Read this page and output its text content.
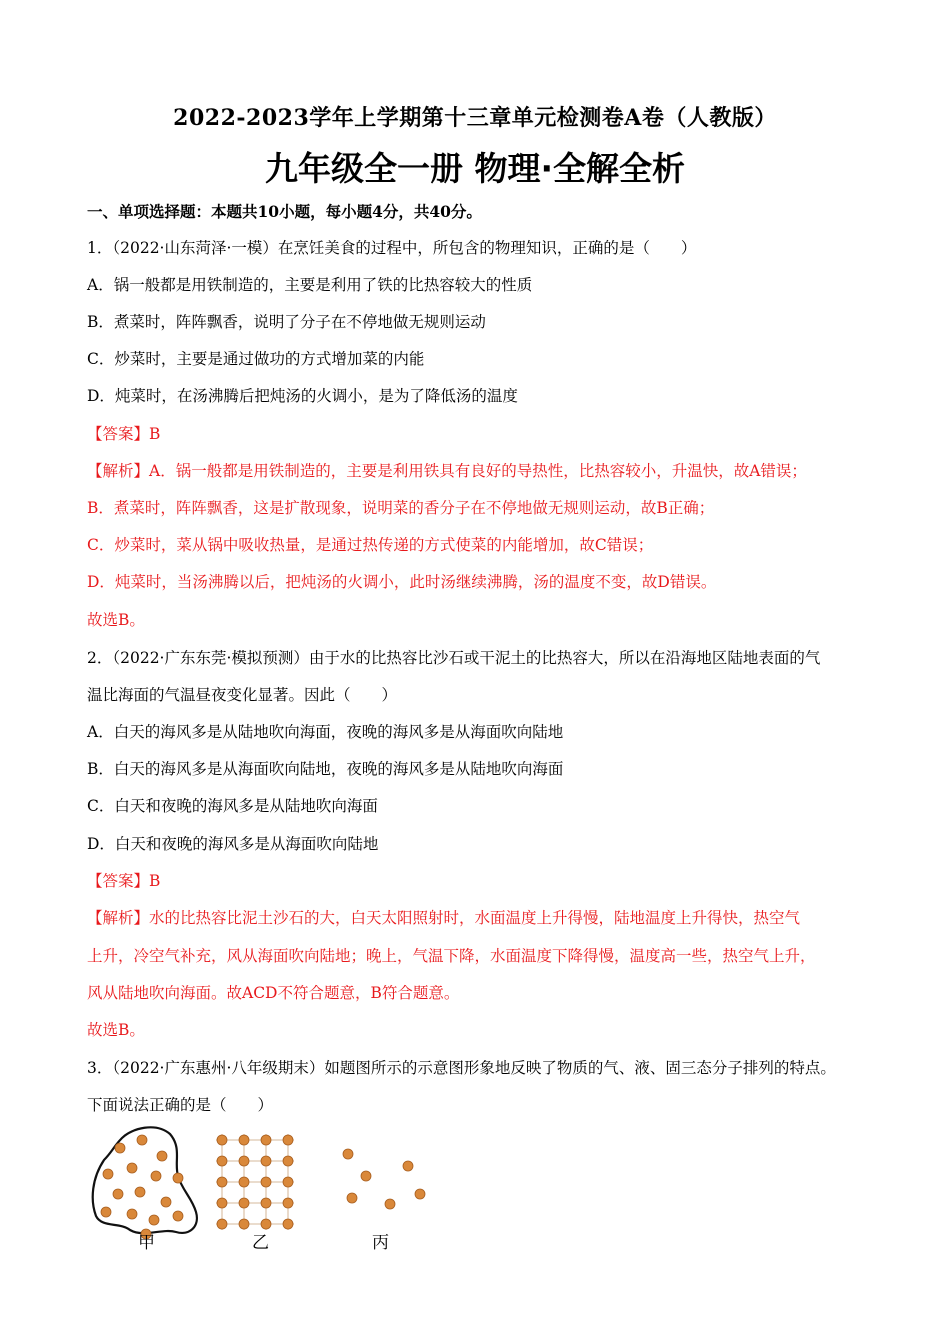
2022-2023学年上学期第十三章单元检测卷A卷（人教版）
九年级全一册 物理·全解全析
一、单项选择题：本题共10小题，每小题4分，共40分。
1．（2022·山东菏泽·一模）在烹饪美食的过程中，所包含的物理知识，正确的是（　　）
A．锅一般都是用铁制造的，主要是利用了铁的比热容较大的性质
B．煮菜时，阵阵飘香，说明了分子在不停地做无规则运动
C．炒菜时，主要是通过做功的方式增加菜的内能
D．炖菜时，在汤沸腾后把炖汤的火调小，是为了降低汤的温度
【答案】B
【解析】A．锅一般都是用铁制造的，主要是利用铁具有良好的导热性，比热容较小，升温快，故A错误；
B．煮菜时，阵阵飘香，这是扩散现象，说明菜的香分子在不停地做无规则运动，故B正确；
C．炒菜时，菜从锅中吸收热量，是通过热传递的方式使菜的内能增加，故C错误；
D．炖菜时，当汤沸腾以后，把炖汤的火调小，此时汤继续沸腾，汤的温度不变，故D错误。
故选B。
2．（2022·广东东莞·模拟预测）由于水的比热容比沙石或干泥土的比热容大，所以在沿海地区陆地表面的气
温比海面的气温昼夜变化显著。因此（　　）
A．白天的海风多是从陆地吹向海面，夜晚的海风多是从海面吹向陆地
B．白天的海风多是从海面吹向陆地，夜晚的海风多是从陆地吹向海面
C．白天和夜晚的海风多是从陆地吹向海面
D．白天和夜晚的海风多是从海面吹向陆地
【答案】B
【解析】水的比热容比泥土沙石的大，白天太阳照射时，水面温度上升得慢，陆地温度上升得快，热空气
上升，冷空气补充，风从海面吹向陆地；晚上，气温下降，水面温度下降得慢，温度高一些，热空气上升，
风从陆地吹向海面。故ACD不符合题意，B符合题意。
故选B。
3．（2022·广东惠州·八年级期末）如题图所示的示意图形象地反映了物质的气、液、固三态分子排列的特点。
下面说法正确的是（　　）
甲	乙	丙
